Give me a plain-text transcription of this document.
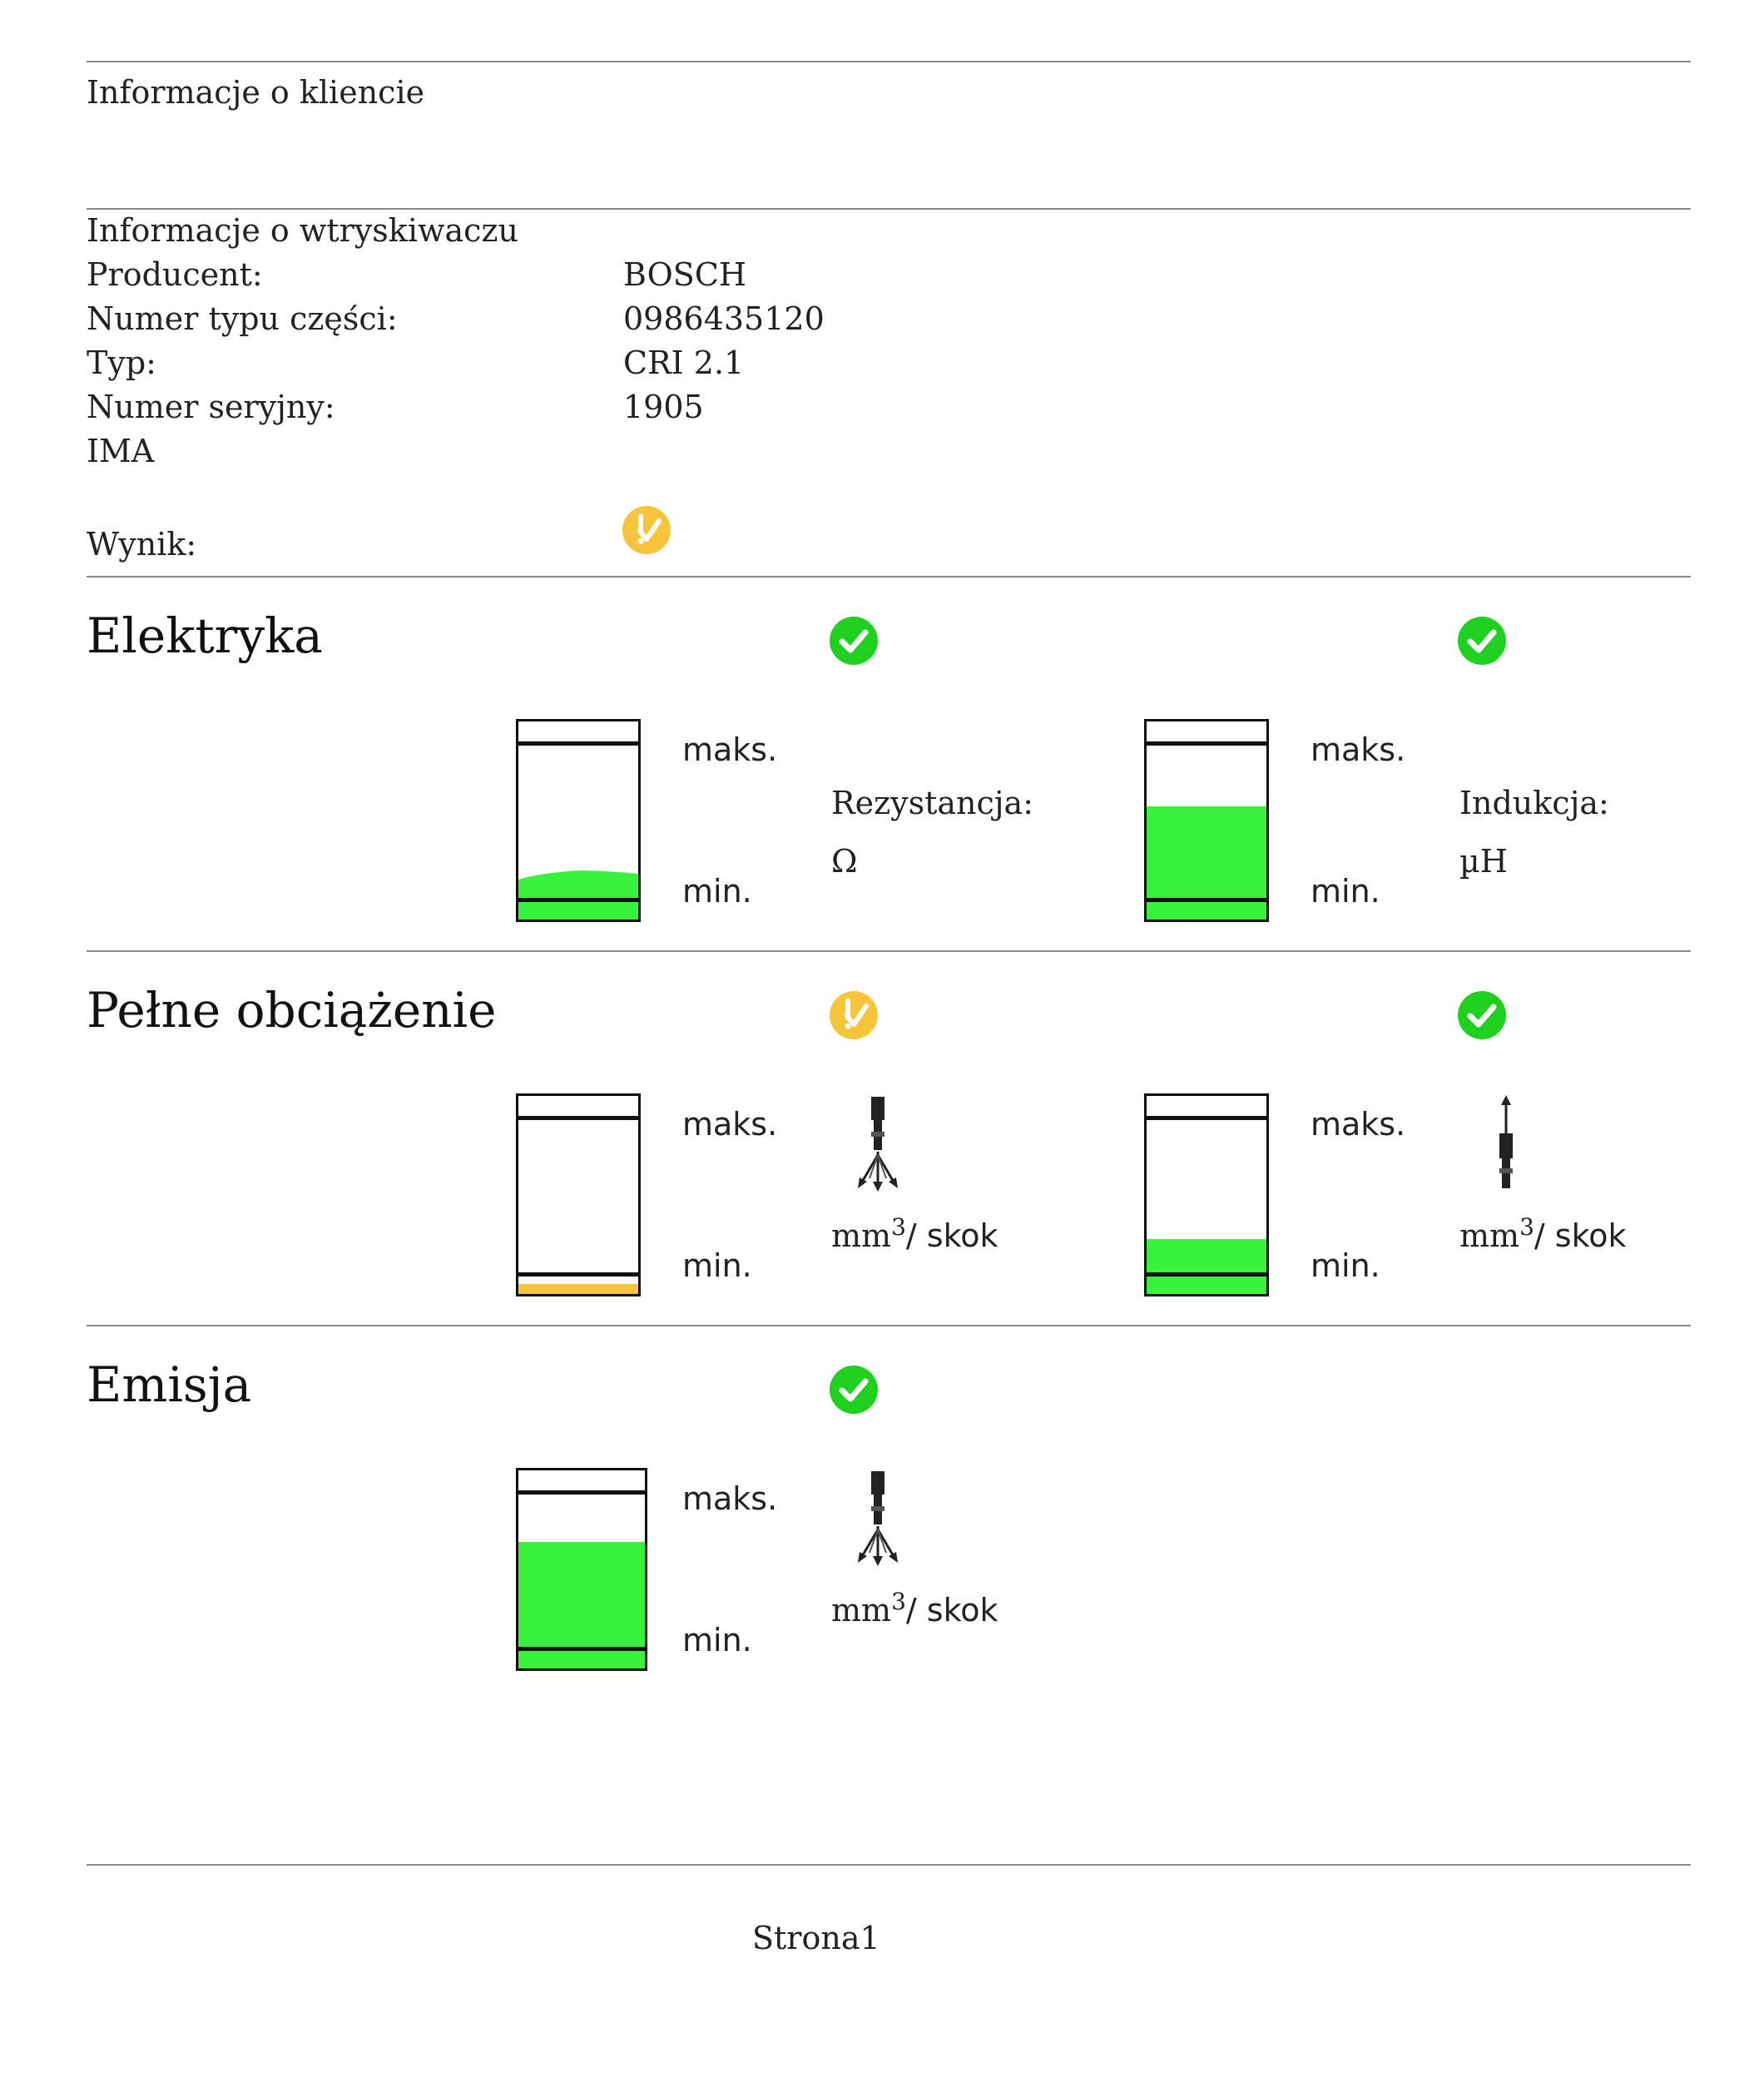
Informacje o kliencie
Informacje o wtryskiwaczu
Producent:	BOSCH
Numer typu części:	0986435120
Typ:	CRI 2.1
Numer seryjny:	1905
IMA
Wynik:
Elektryka
maks.
min.
Rezystancja:
Ω
maks.
min.
Indukcja:
µH
Pełne obciążenie
maks.
min.
$mm^3/$ skok
maks.
min.
$mm^3/$ skok
Emisja
maks.
min.
$mm^3/$ skok
Strona1
